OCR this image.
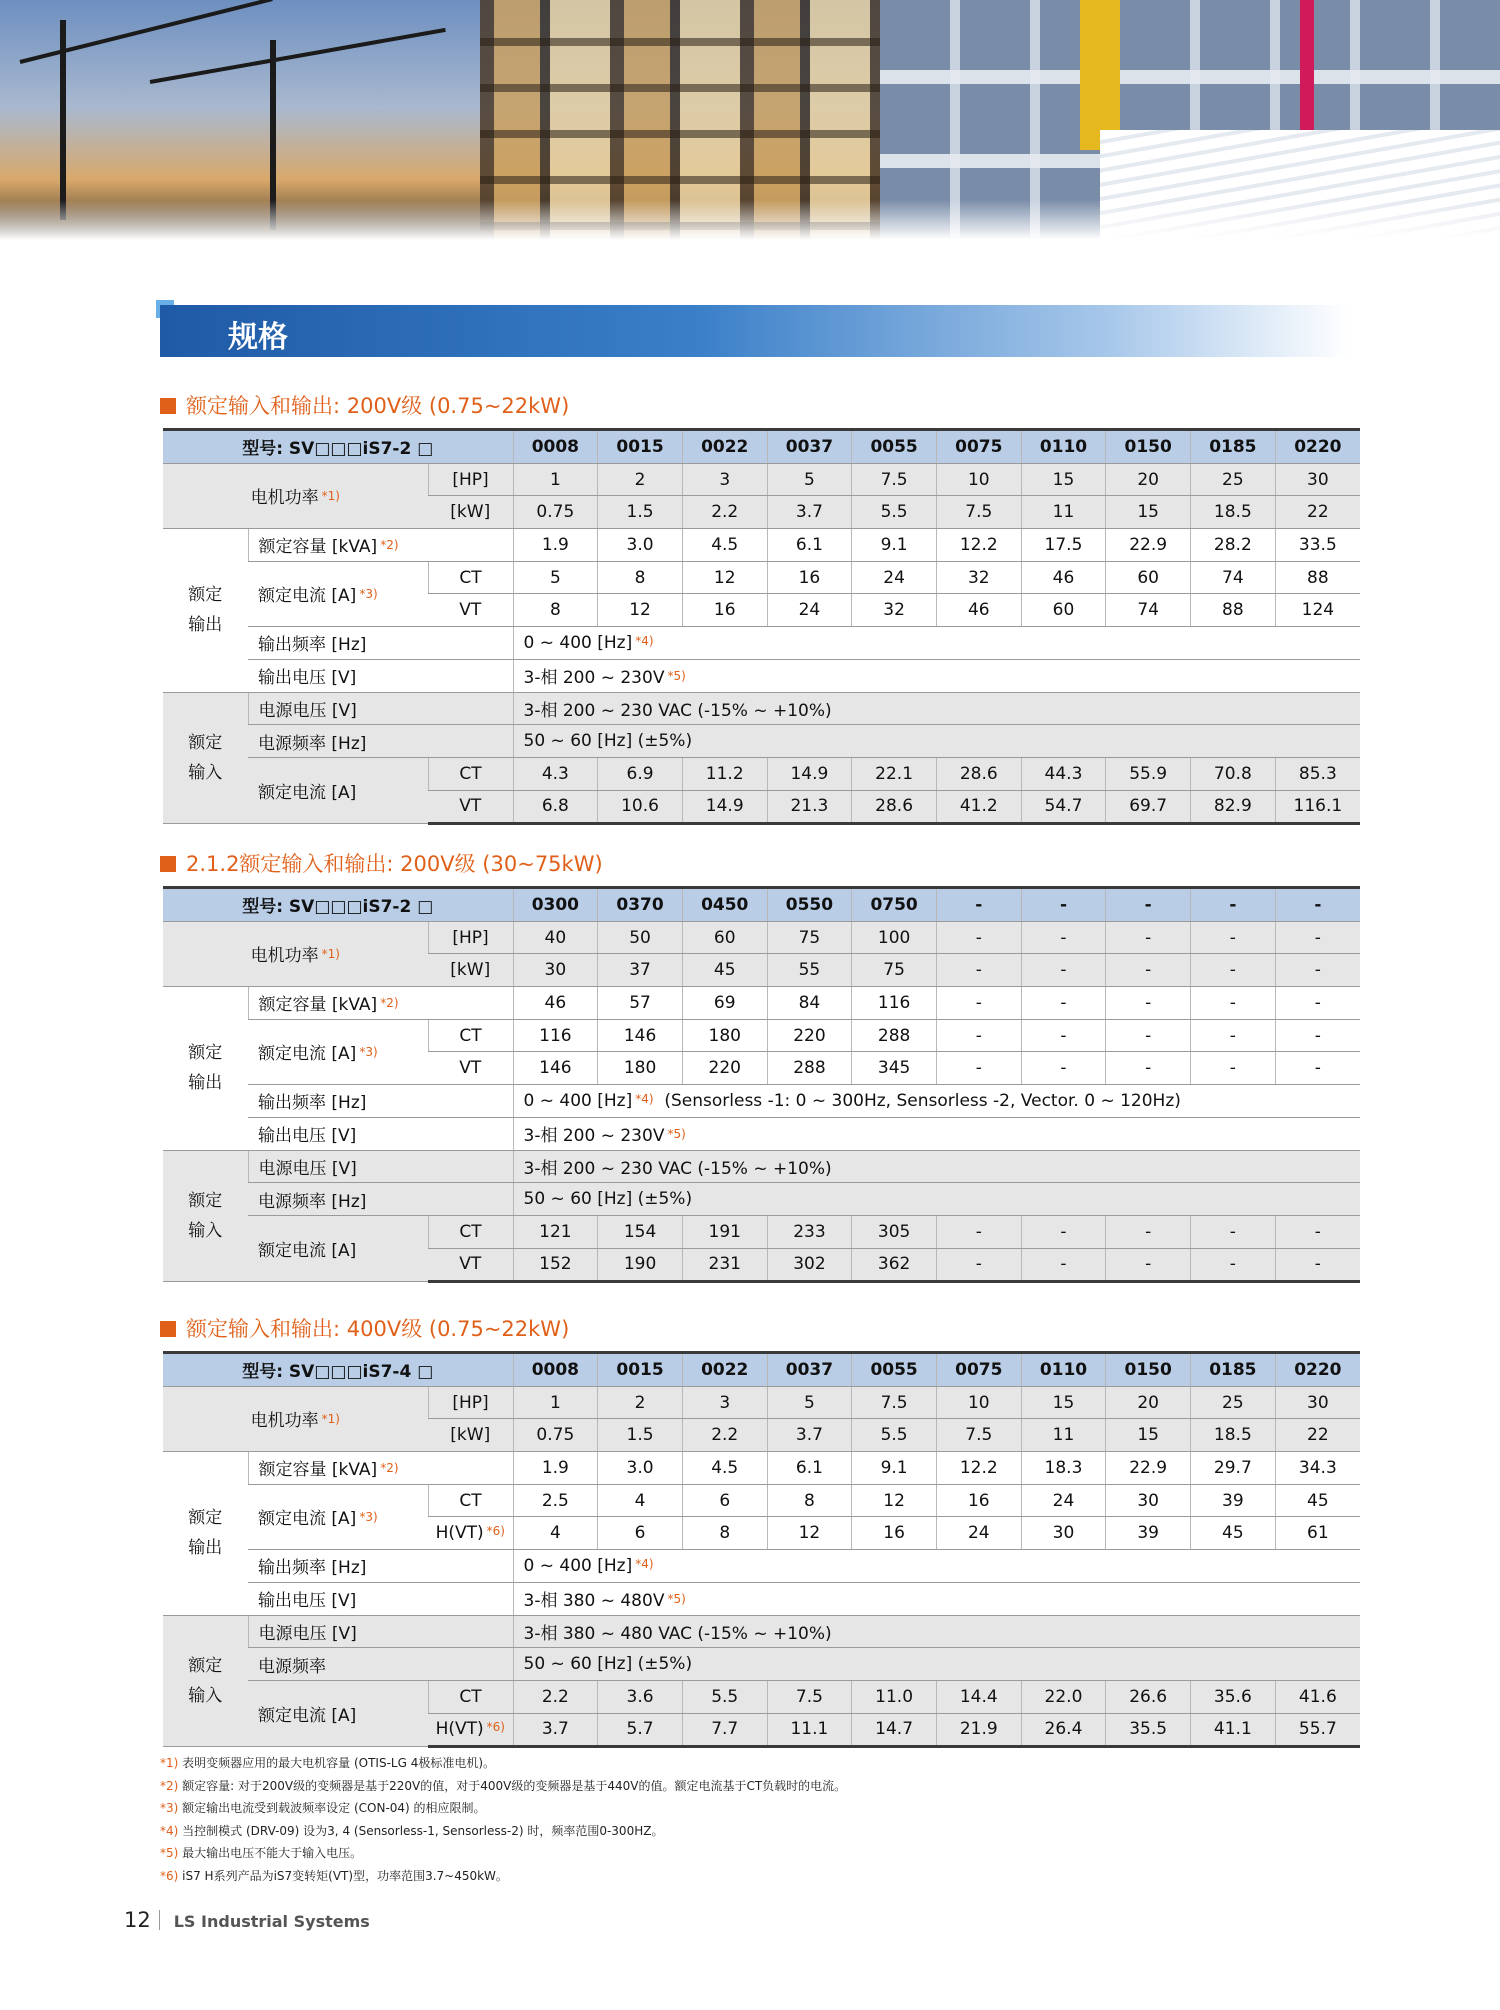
规格
额定输入和输出: 200V级 (0.75~22kW)
型号: SV□□□iS7-2 □			0008	0015	0022	0037	0055	0075	0110	0150	0185	0220
电机功率 $^{*1)}$		[HP]	1	2	3	5	7.5	10	15	20	25	30
		[kW]	0.75	1.5	2.2	3.7	5.5	7.5	11	15	18.5	22
额定
输出	额定容量 [kVA] $^{*2)}$		1.9	3.0	4.5	6.1	9.1	12.2	17.5	22.9	28.2	33.5
	额定电流 [A] $^{*3)}$	CT	5	8	12	16	24	32	46	60	74	88
		VT	8	12	16	24	32	46	60	74	88	124
	输出频率 [Hz]		0 ~ 400 [Hz] $^{*4)}$
	输出电压 [V]		3-相 200 ~ 230V $^{*5)}$
额定
输入	电源电压 [V]		3-相 200 ~ 230 VAC (-15% ~ +10%)									
	电源频率 [Hz]		50 ~ 60 [Hz] (±5%)									
	额定电流 [A]	CT	4.3	6.9	11.2	14.9	22.1	28.6	44.3	55.9	70.8	85.3
		VT	6.8	10.6	14.9	21.3	28.6	41.2	54.7	69.7	82.9	116.1
2.1.2额定输入和输出: 200V级 (30~75kW)
型号: SV□□□iS7-2 □			0300	0370	0450	0550	0750	-	-	-	-	-
电机功率 $^{*1)}$		[HP]	40	50	60	75	100	-	-	-	-	-
		[kW]	30	37	45	55	75	-	-	-	-	-
额定
输出	额定容量 [kVA] $^{*2)}$		46	57	69	84	116	-	-	-	-	-
	额定电流 [A] $^{*3)}$	CT	116	146	180	220	288	-	-	-	-	-
		VT	146	180	220	288	345	-	-	-	-	-
	输出频率 [Hz]		0 ~ 400 [Hz] $^{*4)}$ (Sensorless -1: 0 ~ 300Hz, Sensorless -2, Vector. 0 ~ 120Hz)									
	输出电压 [V]		3-相 200 ~ 230V $^{*5)}$
额定
输入	电源电压 [V]		3-相 200 ~ 230 VAC (-15% ~ +10%)									
	电源频率 [Hz]		50 ~ 60 [Hz] (±5%)									
	额定电流 [A]	CT	121	154	191	233	305	-	-	-	-	-
		VT	152	190	231	302	362	-	-	-	-	-
额定输入和输出: 400V级 (0.75~22kW)
型号: SV□□□iS7-4 □			0008	0015	0022	0037	0055	0075	0110	0150	0185	0220
电机功率 $^{*1)}$		[HP]	1	2	3	5	7.5	10	15	20	25	30
		[kW]	0.75	1.5	2.2	3.7	5.5	7.5	11	15	18.5	22
额定
输出	额定容量 [kVA] $^{*2)}$		1.9	3.0	4.5	6.1	9.1	12.2	18.3	22.9	29.7	34.3
	额定电流 [A] $^{*3)}$	CT	2.5	4	6	8	12	16	24	30	39	45
		H(VT) $^{*6)}$	4	6	8	12	16	24	30	39	45	61
	输出频率 [Hz]		0 ~ 400 [Hz] $^{*4)}$
	输出电压 [V]		3-相 380 ~ 480V $^{*5)}$
额定
输入	电源电压 [V]		3-相 380 ~ 480 VAC (-15% ~ +10%)									
	电源频率		50 ~ 60 [Hz] (±5%)									
	额定电流 [A]	CT	2.2	3.6	5.5	7.5	11.0	14.4	22.0	26.6	35.6	41.6
		H(VT) $^{*6)}$	3.7	5.7	7.7	11.1	14.7	21.9	26.4	35.5	41.1	55.7
*1) 表明变频器应用的最大电机容量 (OTIS-LG 4极标准电机)。
*2) 额定容量: 对于200V级的变频器是基于220V的值，对于400V级的变频器是基于440V的值。额定电流基于CT负载时的电流。
*3) 额定输出电流受到载波频率设定 (CON-04) 的相应限制。
*4) 当控制模式 (DRV-09) 设为3, 4 (Sensorless-1, Sensorless-2) 时，频率范围0-300HZ。
*5) 最大输出电压不能大于输入电压。
*6) iS7 H系列产品为iS7变转矩(VT)型，功率范围3.7~450kW。
12 LS Industrial Systems
